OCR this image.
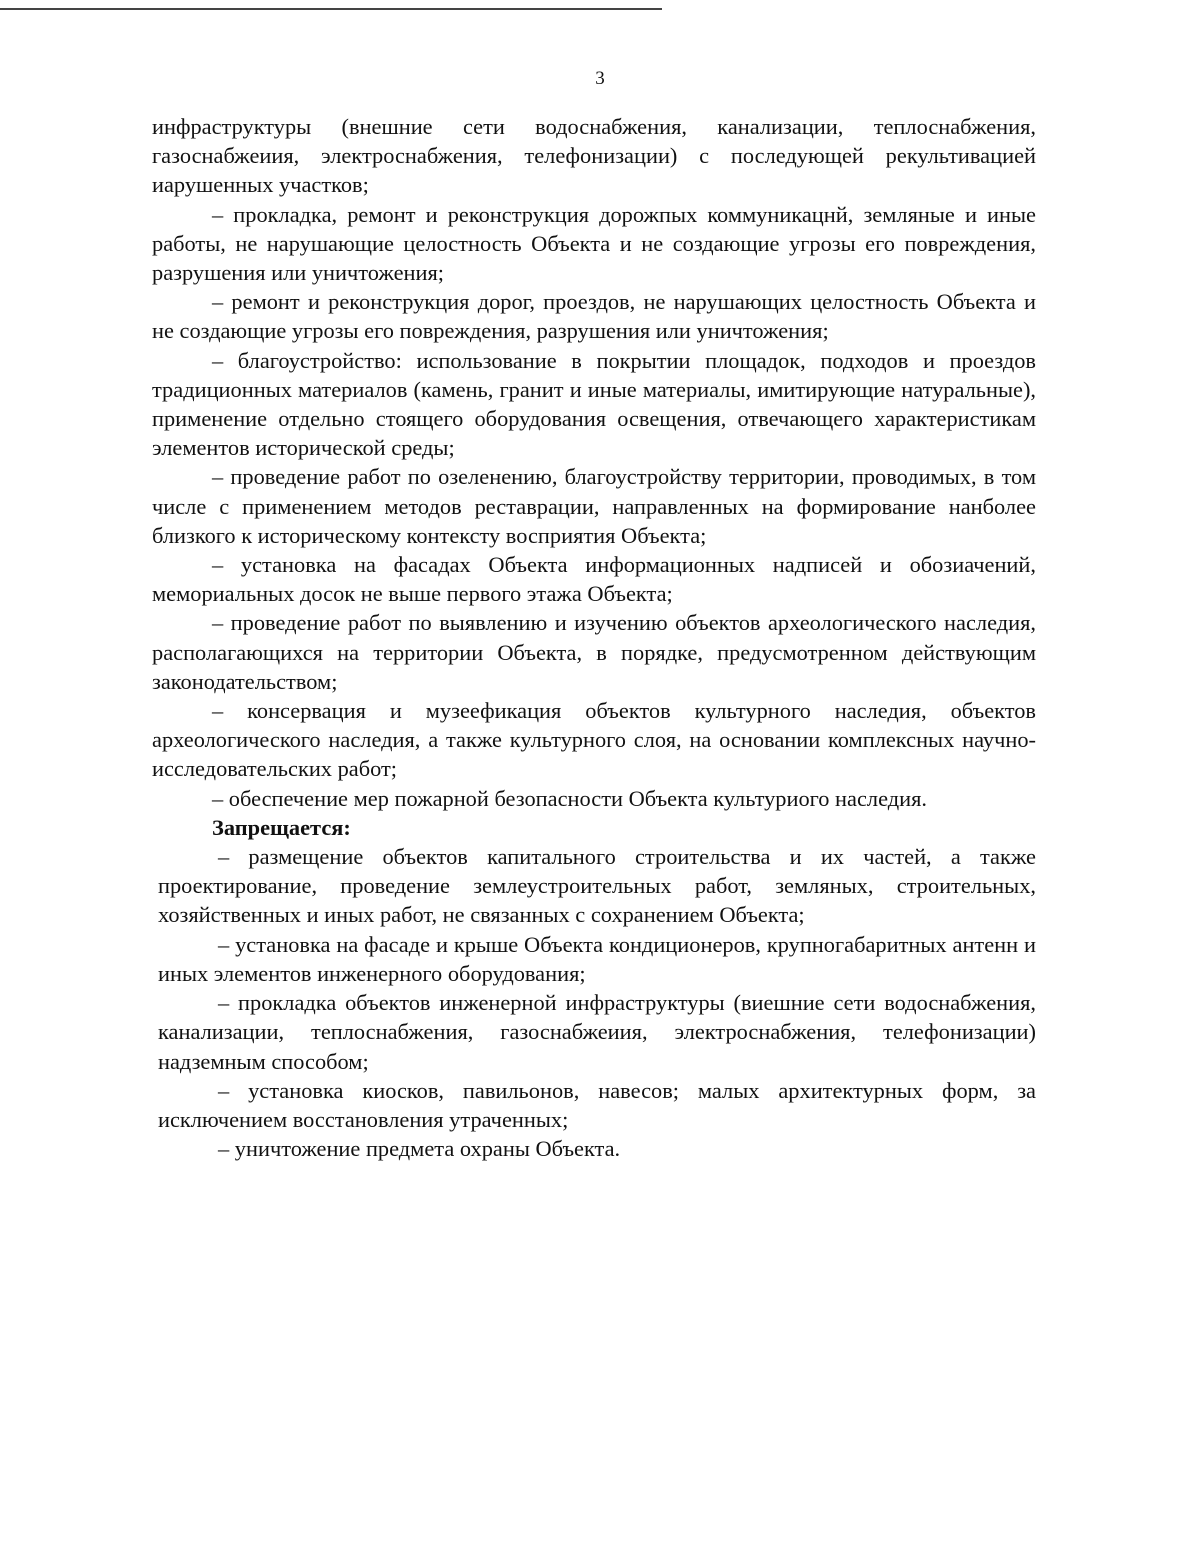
3

инфраструктуры (внешние сети водоснабжения, канализации, теплоснабжения, газоснабжеиия, электроснабжения, телефонизации) с последующей рекультивацией иарушенных участков;

– прокладка, ремонт и реконструкция дорожпых коммуникацнй, земляные и иные работы, не нарушающие целостность Объекта и не создающие угрозы его повреждения, разрушения или уничтожения;

– ремонт и реконструкция дорог, проездов, не нарушающих целостность Объекта и не создающие угрозы его повреждения, разрушения или уничтожения;

– благоустройство: использование в покрытии площадок, подходов и проездов традиционных материалов (камень, гранит и иные материалы, имитирующие натуральные), применение отдельно стоящего оборудования освещения, отвечающего характеристикам элементов исторической среды;

– проведение работ по озеленению, благоустройству территории, проводимых, в том числе с применением методов реставрации, направленных на формирование нанболее близкого к историческому контексту восприятия Объекта;

– установка на фасадах Объекта информационных надписей и обозиачений, мемориальных досок не выше первого этажа Объекта;

– проведение работ по выявлению и изучению объектов археологического наследия, располагающихся на территории Объекта, в порядке, предусмотренном действующим законодательством;

– консервация и музеефикация объектов культурного наследия, объектов археологического наследия, а также культурного слоя, на основании комплексных научно-исследовательских работ;

– обеспечение мер пожарной безопасности Объекта культуриого наследия.

Запрещается:

– размещение объектов капитального строительства и их частей, а также проектирование, проведение землеустроительных работ, земляных, строительных, хозяйственных и иных работ, не связанных с сохранением Объекта;

– установка на фасаде и крыше Объекта кондиционеров, крупногабаритных антенн и иных элементов инженерного оборудования;

– прокладка объектов инженерной инфраструктуры (виешние сети водоснабжения, канализации, теплоснабжения, газоснабжеиия, электроснабжения, телефонизации) надземным способом;

– установка киосков, павильонов, навесов; малых архитектурных форм, за исключением восстановления утраченных;

– уничтожение предмета охраны Объекта.
